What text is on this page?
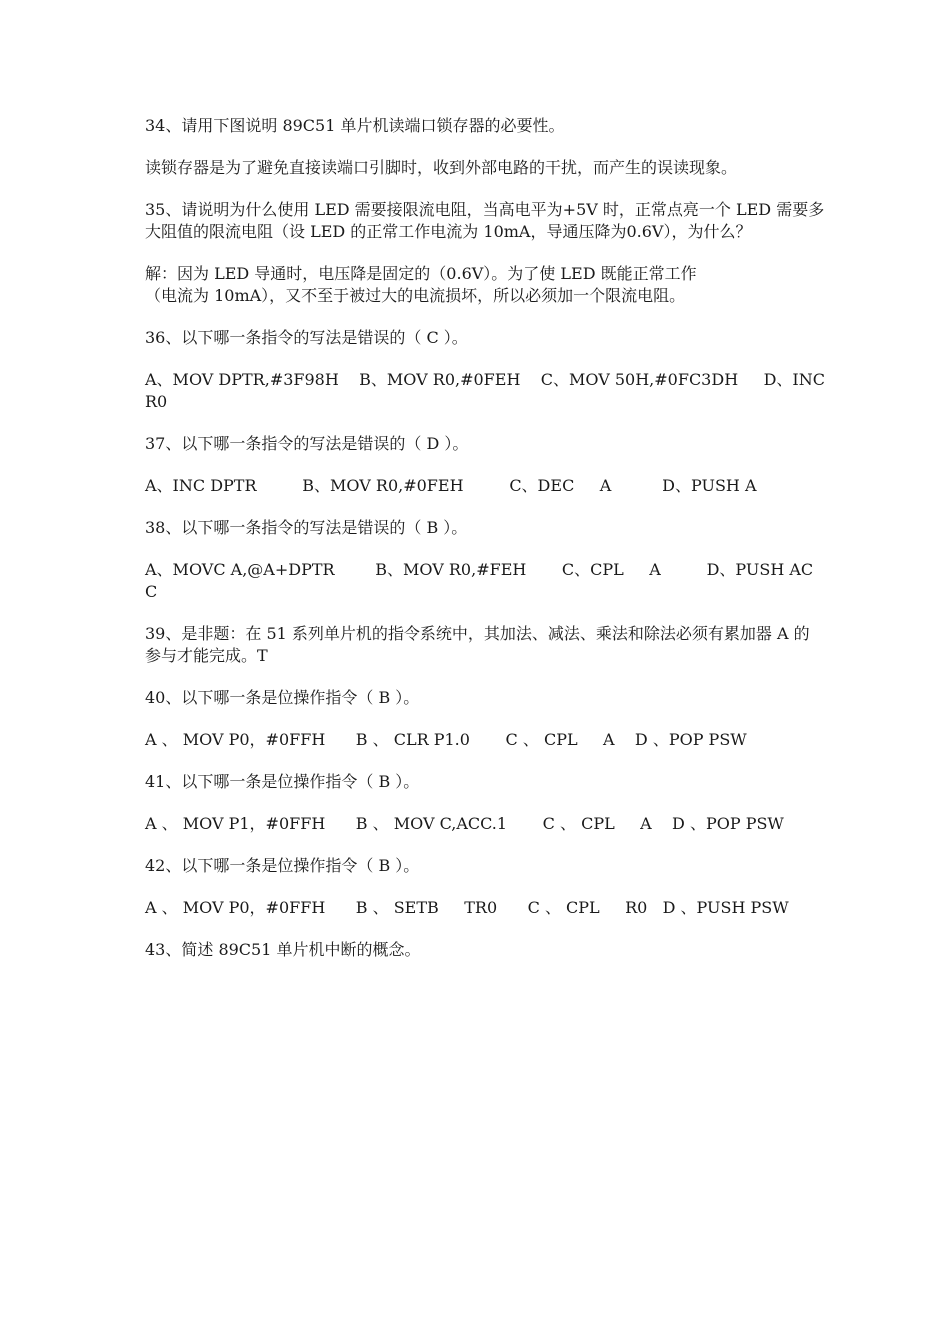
34、请用下图说明 89C51 单片机读端口锁存器的必要性。

读锁存器是为了避免直接读端口引脚时，收到外部电路的干扰，而产生的误读现象。

35、请说明为什么使用 LED 需要接限流电阻，当高电平为+5V 时，正常点亮一个 LED 需要多大阻值的限流电阻（设 LED 的正常工作电流为 10mA，导通压降为0.6V），为什么？

解：因为 LED 导通时，电压降是固定的（0.6V）。为了使 LED 既能正常工作
（电流为 10mA），又不至于被过大的电流损坏，所以必须加一个限流电阻。

36、以下哪一条指令的写法是错误的（ C ）。

A、MOV DPTR,#3F98H    B、MOV R0,#0FEH    C、MOV 50H,#0FC3DH     D、INC R0

37、以下哪一条指令的写法是错误的（ D ）。

A、INC DPTR         B、MOV R0,#0FEH         C、DEC     A          D、PUSH A

38、以下哪一条指令的写法是错误的（ B ）。

A、MOVC A,@A+DPTR        B、MOV R0,#FEH       C、CPL     A         D、PUSH ACC

39、是非题：在 51 系列单片机的指令系统中，其加法、减法、乘法和除法必须有累加器 A 的参与才能完成。T

40、以下哪一条是位操作指令（ B ）。

A 、 MOV P0，#0FFH      B 、 CLR P1.0       C 、 CPL     A    D 、POP PSW

41、以下哪一条是位操作指令（ B ）。

A 、 MOV P1，#0FFH      B 、 MOV C,ACC.1       C 、 CPL     A    D 、POP PSW

42、以下哪一条是位操作指令（ B ）。

A 、 MOV P0，#0FFH      B 、 SETB     TR0      C 、 CPL     R0   D 、PUSH PSW

43、简述 89C51 单片机中断的概念。
